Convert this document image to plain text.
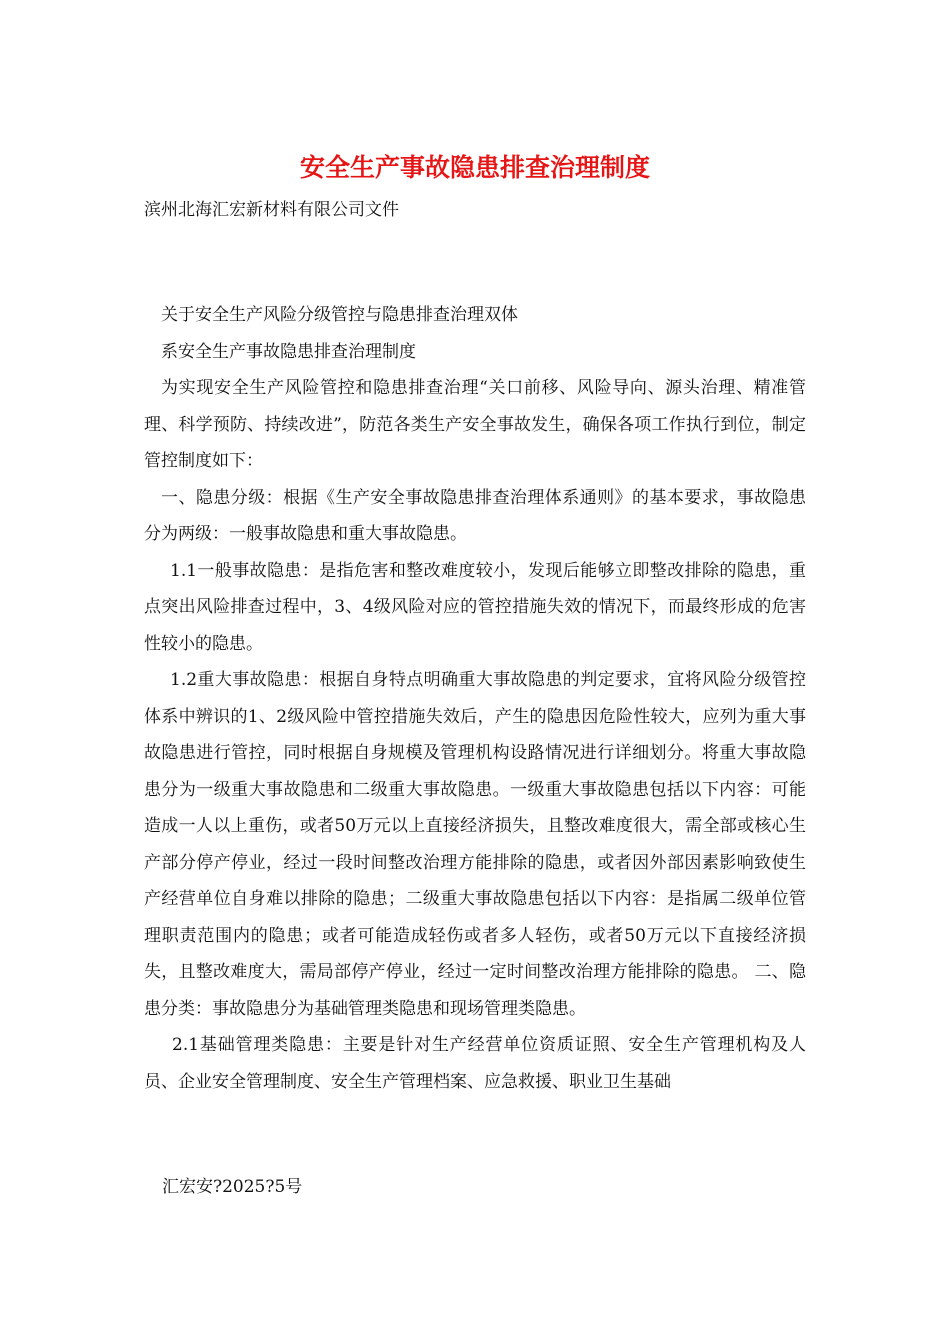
安全生产事故隐患排查治理制度
滨州北海汇宏新材料有限公司文件

关于安全生产风险分级管控与隐患排查治理双体

系安全生产事故隐患排查治理制度

为实现安全生产风险管控和隐患排查治理“关口前移、风险导向、源头治理、精准管理、科学预防、持续改进”，防范各类生产安全事故发生，确保各项工作执行到位，制定管控制度如下：

一、隐患分级：根据《生产安全事故隐患排查治理体系通则》的基本要求，事故隐患分为两级：一般事故隐患和重大事故隐患。

1.1一般事故隐患：是指危害和整改难度较小，发现后能够立即整改排除的隐患，重点突出风险排查过程中，3、4级风险对应的管控措施失效的情况下，而最终形成的危害性较小的隐患。

1.2重大事故隐患：根据自身特点明确重大事故隐患的判定要求，宜将风险分级管控体系中辨识的1、2级风险中管控措施失效后，产生的隐患因危险性较大，应列为重大事故隐患进行管控，同时根据自身规模及管理机构设路情况进行详细划分。将重大事故隐患分为一级重大事故隐患和二级重大事故隐患。一级重大事故隐患包括以下内容：可能造成一人以上重伤，或者50万元以上直接经济损失，且整改难度很大，需全部或核心生产部分停产停业，经过一段时间整改治理方能排除的隐患，或者因外部因素影响致使生产经营单位自身难以排除的隐患；二级重大事故隐患包括以下内容：是指属二级单位管理职责范围内的隐患；或者可能造成轻伤或者多人轻伤，或者50万元以下直接经济损失，且整改难度大，需局部停产停业，经过一定时间整改治理方能排除的隐患。 二、隐患分类：事故隐患分为基础管理类隐患和现场管理类隐患。

2.1基础管理类隐患：主要是针对生产经营单位资质证照、安全生产管理机构及人员、企业安全管理制度、安全生产管理档案、应急救援、职业卫生基础

汇宏安?2025?5号
